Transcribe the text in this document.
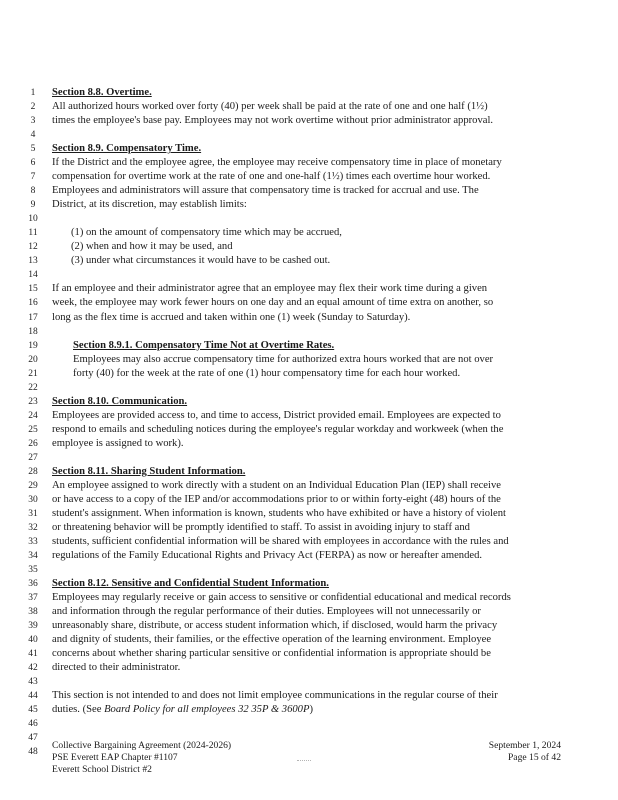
1	Section 8.8. Overtime.
2	All authorized hours worked over forty (40) per week shall be paid at the rate of one and one half (1½)
3	times the employee's base pay. Employees may not work overtime without prior administrator approval.
4
5	Section 8.9. Compensatory Time.
6	If the District and the employee agree, the employee may receive compensatory time in place of monetary
7	compensation for overtime work at the rate of one and one-half (1½) times each overtime hour worked.
8	Employees and administrators will assure that compensatory time is tracked for accrual and use. The
9	District, at its discretion, may establish limits:
10
11	(1) on the amount of compensatory time which may be accrued,
12	(2) when and how it may be used, and
13	(3) under what circumstances it would have to be cashed out.
14
15	If an employee and their administrator agree that an employee may flex their work time during a given
16	week, the employee may work fewer hours on one day and an equal amount of time extra on another, so
17	long as the flex time is accrued and taken within one (1) week (Sunday to Saturday).
18
19	Section 8.9.1. Compensatory Time Not at Overtime Rates.
20	Employees may also accrue compensatory time for authorized extra hours worked that are not over
21	forty (40) for the week at the rate of one (1) hour compensatory time for each hour worked.
22
23	Section 8.10. Communication.
24	Employees are provided access to, and time to access, District provided email. Employees are expected to
25	respond to emails and scheduling notices during the employee's regular workday and workweek (when the
26	employee is assigned to work).
27
28	Section 8.11. Sharing Student Information.
29	An employee assigned to work directly with a student on an Individual Education Plan (IEP) shall receive
30	or have access to a copy of the IEP and/or accommodations prior to or within forty-eight (48) hours of the
31	student's assignment. When information is known, students who have exhibited or have a history of violent
32	or threatening behavior will be promptly identified to staff. To assist in avoiding injury to staff and
33	students, sufficient confidential information will be shared with employees in accordance with the rules and
34	regulations of the Family Educational Rights and Privacy Act (FERPA) as now or hereafter amended.
35
36	Section 8.12. Sensitive and Confidential Student Information.
37	Employees may regularly receive or gain access to sensitive or confidential educational and medical records
38	and information through the regular performance of their duties. Employees will not unnecessarily or
39	unreasonably share, distribute, or access student information which, if disclosed, would harm the privacy
40	and dignity of students, their families, or the effective operation of the learning environment. Employee
41	concerns about whether sharing particular sensitive or confidential information is appropriate should be
42	directed to their administrator.
43
44	This section is not intended to and does not limit employee communications in the regular course of their
45	duties. (See Board Policy for all employees 32 35P & 3600P)
46
47
48
Collective Bargaining Agreement (2024-2026)
PSE Everett EAP Chapter #1107
Everett School District #2
September 1, 2024
Page 15 of 42
